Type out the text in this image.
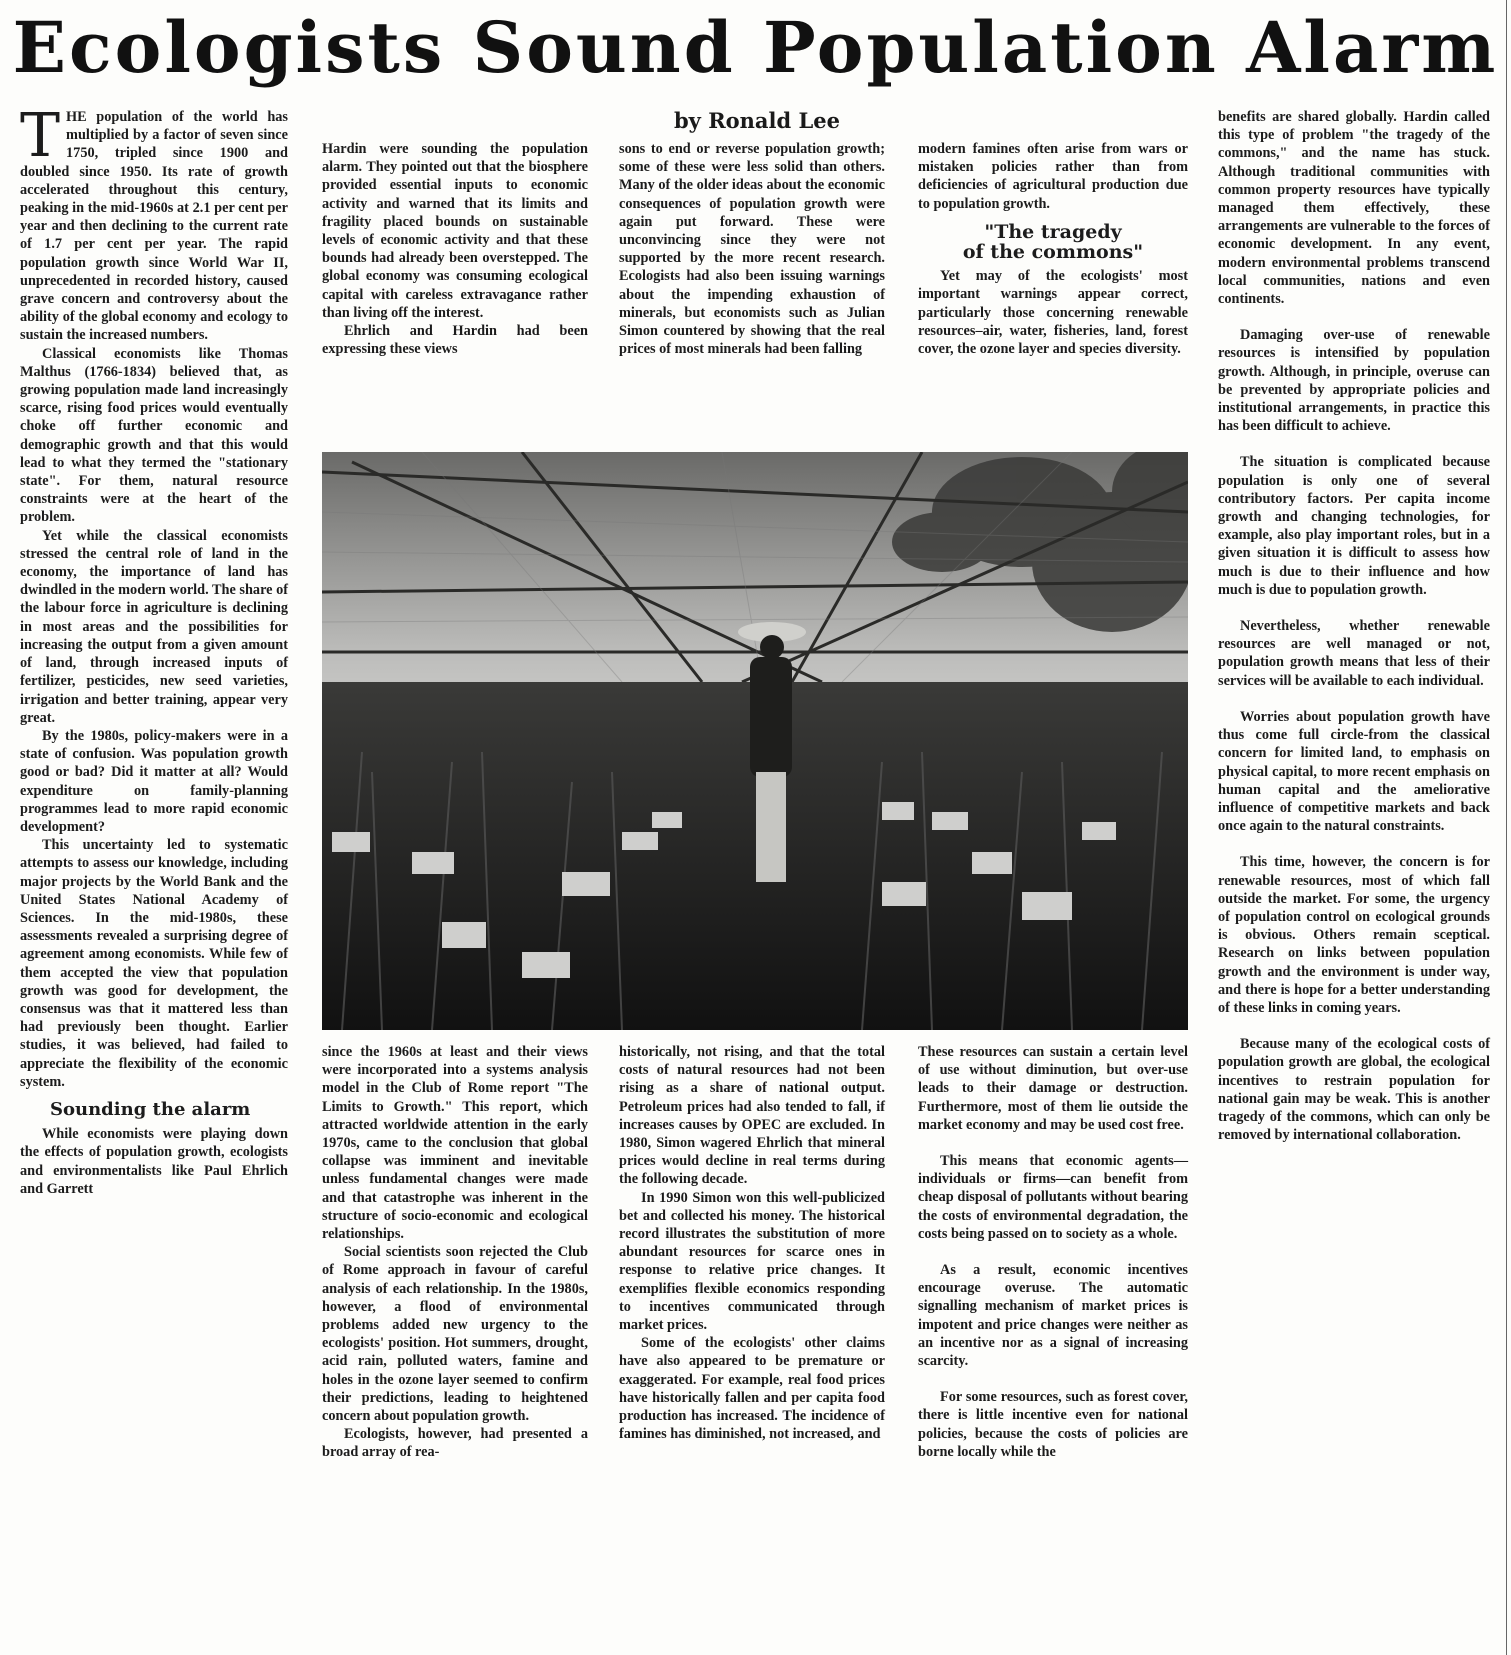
Ecologists Sound Population Alarm
by Ronald Lee

THE population of the world has multiplied by a factor of seven since 1750, tripled since 1900 and doubled since 1950. Its rate of growth accelerated throughout this century, peaking in the mid-1960s at 2.1 per cent per year and then declining to the current rate of 1.7 per cent per year. The rapid population growth since World War II, unprecedented in recorded history, caused grave concern and controversy about the ability of the global economy and ecology to sustain the increased numbers.

Classical economists like Thomas Malthus (1766-1834) believed that, as growing population made land increasingly scarce, rising food prices would eventually choke off further economic and demographic growth and that this would lead to what they termed the "stationary state". For them, natural resource constraints were at the heart of the problem.

Yet while the classical economists stressed the central role of land in the economy, the importance of land has dwindled in the modern world. The share of the labour force in agriculture is declining in most areas and the possibilities for increasing the output from a given amount of land, through increased inputs of fertilizer, pesticides, new seed varieties, irrigation and better training, appear very great.

By the 1980s, policy-makers were in a state of confusion. Was population growth good or bad? Did it matter at all? Would expenditure on family-planning programmes lead to more rapid economic development?

This uncertainty led to systematic attempts to assess our knowledge, including major projects by the World Bank and the United States National Academy of Sciences. In the mid-1980s, these assessments revealed a surprising degree of agreement among economists. While few of them accepted the view that population growth was good for development, the consensus was that it mattered less than had previously been thought. Earlier studies, it was believed, had failed to appreciate the flexibility of the economic system.

Sounding the alarm

While economists were playing down the effects of population growth, ecologists and environmentalists like Paul Ehrlich and Garrett

Hardin were sounding the population alarm. They pointed out that the biosphere provided essential inputs to economic activity and warned that its limits and fragility placed bounds on sustainable levels of economic activity and that these bounds had already been overstepped. The global economy was consuming ecological capital with careless extravagance rather than living off the interest.

Ehrlich and Hardin had been expressing these views

sons to end or reverse population growth; some of these were less solid than others. Many of the older ideas about the economic consequences of population growth were again put forward. These were unconvincing since they were not supported by the more recent research. Ecologists had also been issuing warnings about the impending exhaustion of minerals, but economists such as Julian Simon countered by showing that the real prices of most minerals had been falling

modern famines often arise from wars or mistaken policies rather than from deficiencies of agricultural production due to population growth.

"The tragedy
of the commons"

Yet may of the ecologists' most important warnings appear correct, particularly those concerning renewable resources–air, water, fisheries, land, forest cover, the ozone layer and species diversity.

since the 1960s at least and their views were incorporated into a systems analysis model in the Club of Rome report "The Limits to Growth." This report, which attracted worldwide attention in the early 1970s, came to the conclusion that global collapse was imminent and inevitable unless fundamental changes were made and that catastrophe was inherent in the structure of socio-economic and ecological relationships.

Social scientists soon rejected the Club of Rome approach in favour of careful analysis of each relationship. In the 1980s, however, a flood of environmental problems added new urgency to the ecologists' position. Hot summers, drought, acid rain, polluted waters, famine and holes in the ozone layer seemed to confirm their predictions, leading to heightened concern about population growth.

Ecologists, however, had presented a broad array of rea-

historically, not rising, and that the total costs of natural resources had not been rising as a share of national output. Petroleum prices had also tended to fall, if increases causes by OPEC are excluded. In 1980, Simon wagered Ehrlich that mineral prices would decline in real terms during the following decade.

In 1990 Simon won this well-publicized bet and collected his money. The historical record illustrates the substitution of more abundant resources for scarce ones in response to relative price changes. It exemplifies flexible economics responding to incentives communicated through market prices.

Some of the ecologists' other claims have also appeared to be premature or exaggerated. For example, real food prices have historically fallen and per capita food production has increased. The incidence of famines has diminished, not increased, and

These resources can sustain a certain level of use without diminution, but over-use leads to their damage or destruction. Furthermore, most of them lie outside the market economy and may be used cost free.

This means that economic agents—individuals or firms—can benefit from cheap disposal of pollutants without bearing the costs of environmental degradation, the costs being passed on to society as a whole.

As a result, economic incentives encourage overuse. The automatic signalling mechanism of market prices is impotent and price changes were neither as an incentive nor as a signal of increasing scarcity.

For some resources, such as forest cover, there is little incentive even for national policies, because the costs of policies are borne locally while the

benefits are shared globally. Hardin called this type of problem "the tragedy of the commons," and the name has stuck. Although traditional communities with common property resources have typically managed them effectively, these arrangements are vulnerable to the forces of economic development. In any event, modern environmental problems transcend local communities, nations and even continents.

Damaging over-use of renewable resources is intensified by population growth. Although, in principle, overuse can be prevented by appropriate policies and institutional arrangements, in practice this has been difficult to achieve.

The situation is complicated because population is only one of several contributory factors. Per capita income growth and changing technologies, for example, also play important roles, but in a given situation it is difficult to assess how much is due to their influence and how much is due to population growth.

Nevertheless, whether renewable resources are well managed or not, population growth means that less of their services will be available to each individual.

Worries about population growth have thus come full circle-from the classical concern for limited land, to emphasis on physical capital, to more recent emphasis on human capital and the ameliorative influence of competitive markets and back once again to the natural constraints.

This time, however, the concern is for renewable resources, most of which fall outside the market. For some, the urgency of population control on ecological grounds is obvious. Others remain sceptical. Research on links between population growth and the environment is under way, and there is hope for a better understanding of these links in coming years.

Because many of the ecological costs of population growth are global, the ecological incentives to restrain population for national gain may be weak. This is another tragedy of the commons, which can only be removed by international collaboration.
